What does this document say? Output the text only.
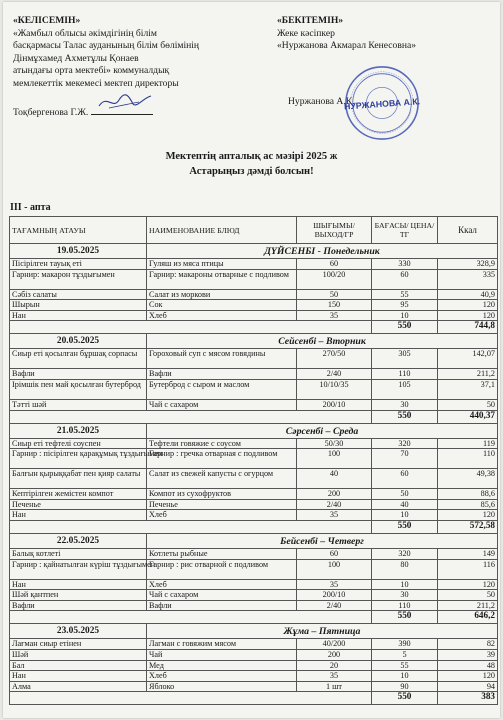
«КЕЛІСЕМІН»
«Жамбыл облысы әкімдігінің білім
басқармасы Талас ауданының білім бөлімінің
Дінмұхамед Ахметұлы Қонаев
атындағы орта мектебі» коммуналдық
мемлекеттік мекемесі мектеп директоры
Тоқбергенова Г.Ж.
«БЕКІТЕМІН»
Жеке кәсіпкер
«Нуржанова Акмарал Кенесовна»
Нуржанова А.К.
НУРЖАНОВА А.К.
Мектептің апталық ас мәзірі 2025 ж
Астарыңыз дәмді болсын!
III - апта
ТАҒАМНЫҢ АТАУЫ	НАИМЕНОВАНИЕ БЛЮД	ШЫҒЫМЫ/ ВЫХОД/ГР	БАҒАСЫ/ ЦЕНА/ТГ	Ккал
19.05.2025	ДҮЙСЕНБІ - Понедельник			
Пісірілген тауық еті	Гуляш из мяса птицы	60	330	328,9
Гарнир: макарон тұздығымен	Гарнир: макароны отварные с подливом	100/20	60	335
Сәбіз салаты	Салат из моркови	50	55	40,9
Шырын	Сок	150	95	120
Нан	Хлеб	35	10	120
			550	744,8
20.05.2025	Сейсенбі – Вторник			
Сиыр еті қосылған бұршақ сорпасы	Гороховый суп с мясом говядины	270/50	305	142,07
Вафли	Вафли	2/40	110	211,2
Ірімшік пен май қосылған бутерброд	Бутерброд с сыром и маслом	10/10/35	105	37,1
Тәтті шәй	Чай с сахаром	200/10	30	50
			550	440,37
21.05.2025	Сәрсенбі – Среда			
Сиыр еті тефтелі соуспен	Тефтели говяжие с соусом	50/30	320	119
Гарнир : пісірілген қарақұмық тұздығымен	Гарнир : гречка отварная с подливом	100	70	110
Балғын қырыққабат пен қияр салаты	Салат из свежей капусты с огурцом	40	60	49,38
Кептірілген жемістен компот	Компот из сухофруктов	200	50	88,6
Печенье	Печенье	2/40	40	85,6
Нан	Хлеб	35	10	120
			550	572,58
22.05.2025	Бейсенбі – Четверг			
Балық котлеті	Котлеты рыбные	60	320	149
Гарнир : қайнатылған күріш тұздығымен	Гарнир : рис отварной с подливом	100	80	116
Нан	Хлеб	35	10	120
Шәй қантпен	Чай с сахаром	200/10	30	50
Вафли	Вафли	2/40	110	211,2
			550	646,2
23.05.2025	Жұма – Пятница			
Лағман сиыр етінен	Лагман с говяжим мясом	40/200	390	82
Шәй	Чай	200	5	39
Бал	Мед	20	55	48
Нан	Хлеб	35	10	120
Алма	Яблоко	1 шт	90	94
			550	383
